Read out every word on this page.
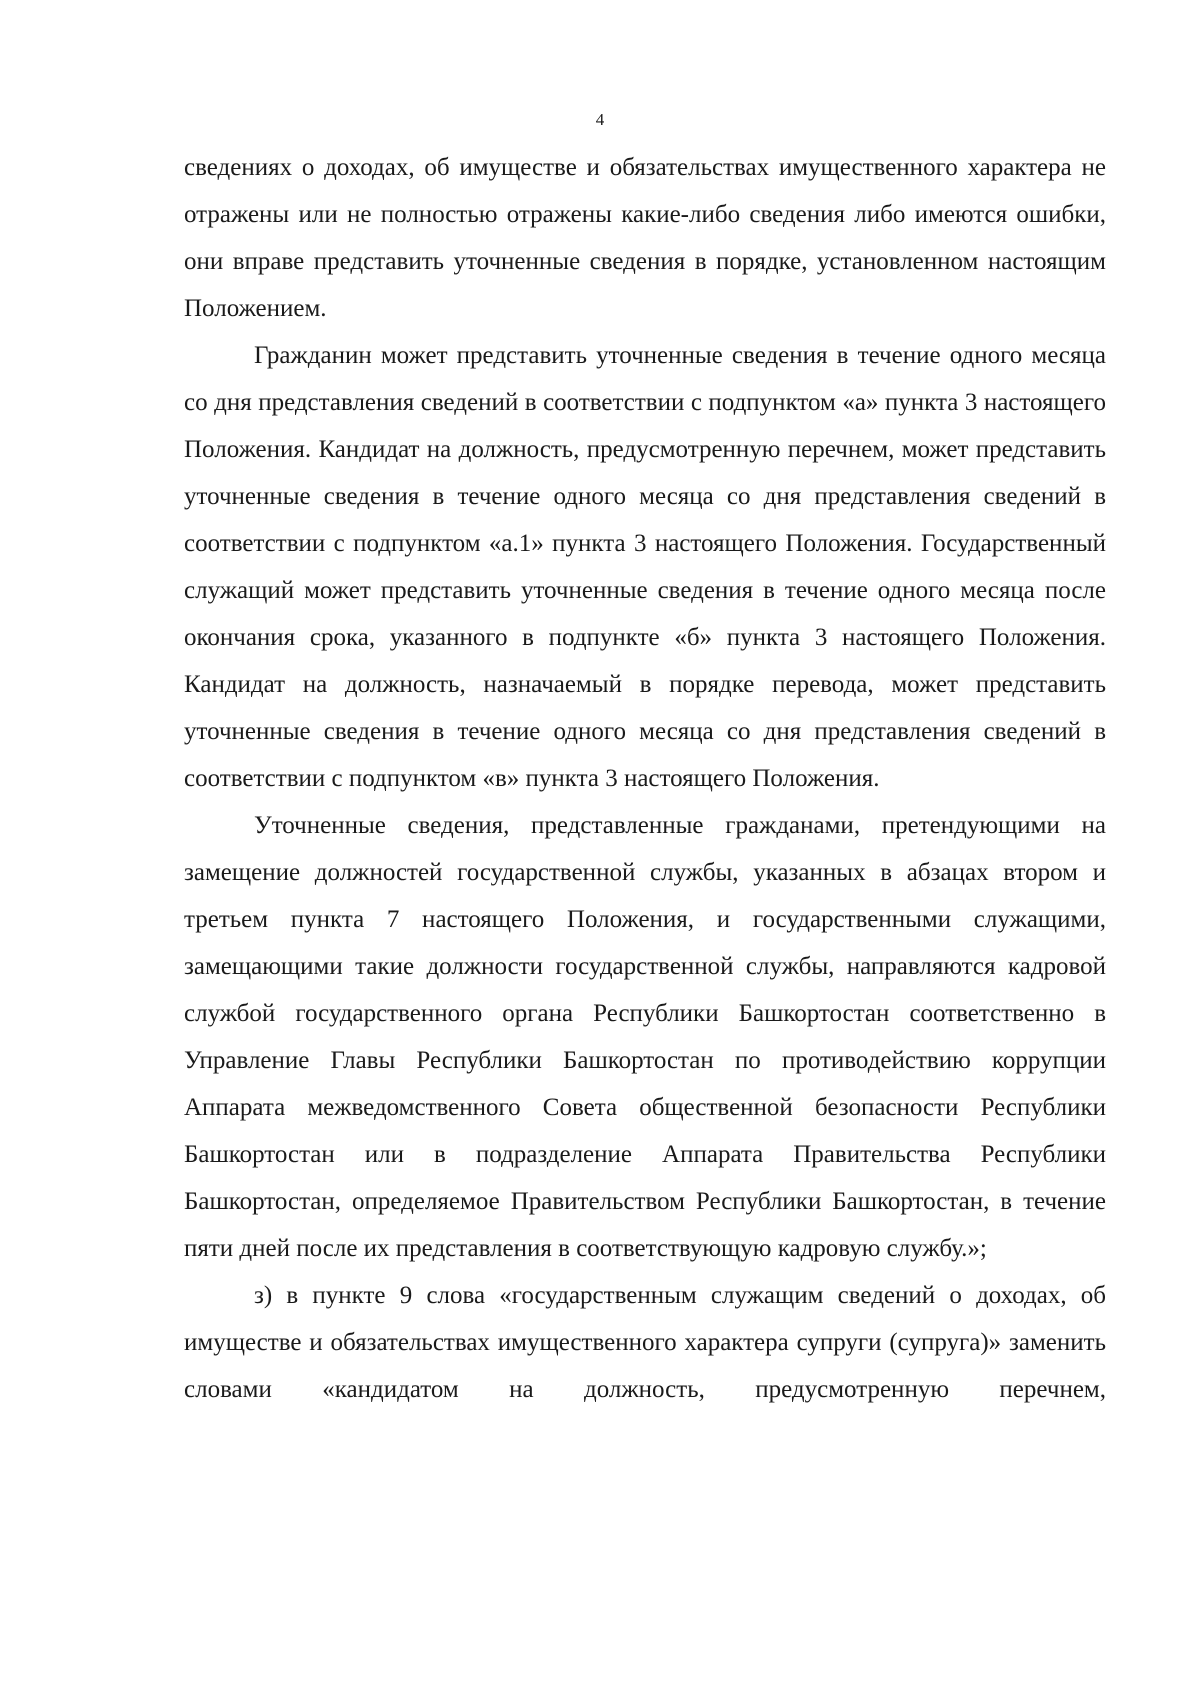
4

сведениях о доходах, об имуществе и обязательствах имущественного характера не отражены или не полностью отражены какие-либо сведения либо имеются ошибки, они вправе представить уточненные сведения в порядке, установленном настоящим Положением.

Гражданин может представить уточненные сведения в течение одного месяца со дня представления сведений в соответствии с подпунктом «а» пункта 3 настоящего Положения. Кандидат на должность, предусмотренную перечнем, может представить уточненные сведения в течение одного месяца со дня представления сведений в соответствии с подпунктом «а.1» пункта 3 настоящего Положения. Государственный служащий может представить уточненные сведения в течение одного месяца после окончания срока, указанного в подпункте «б» пункта 3 настоящего Положения. Кандидат на должность, назначаемый в порядке перевода, может представить уточненные сведения в течение одного месяца со дня представления сведений в соответствии с подпунктом «в» пункта 3 настоящего Положения.

Уточненные сведения, представленные гражданами, претендующими на замещение должностей государственной службы, указанных в абзацах втором и третьем пункта 7 настоящего Положения, и государственными служащими, замещающими такие должности государственной службы, направляются кадровой службой государственного органа Республики Башкортостан соответственно в Управление Главы Республики Башкортостан по противодействию коррупции Аппарата межведомственного Совета общественной безопасности Республики Башкортостан или в подразделение Аппарата Правительства Республики Башкортостан, определяемое Правительством Республики Башкортостан, в течение пяти дней после их представления в соответствующую кадровую службу.»;

з) в пункте 9 слова «государственным служащим сведений о доходах, об имуществе и обязательствах имущественного характера супруги (супруга)» заменить словами «кандидатом на должность, предусмотренную перечнем,
